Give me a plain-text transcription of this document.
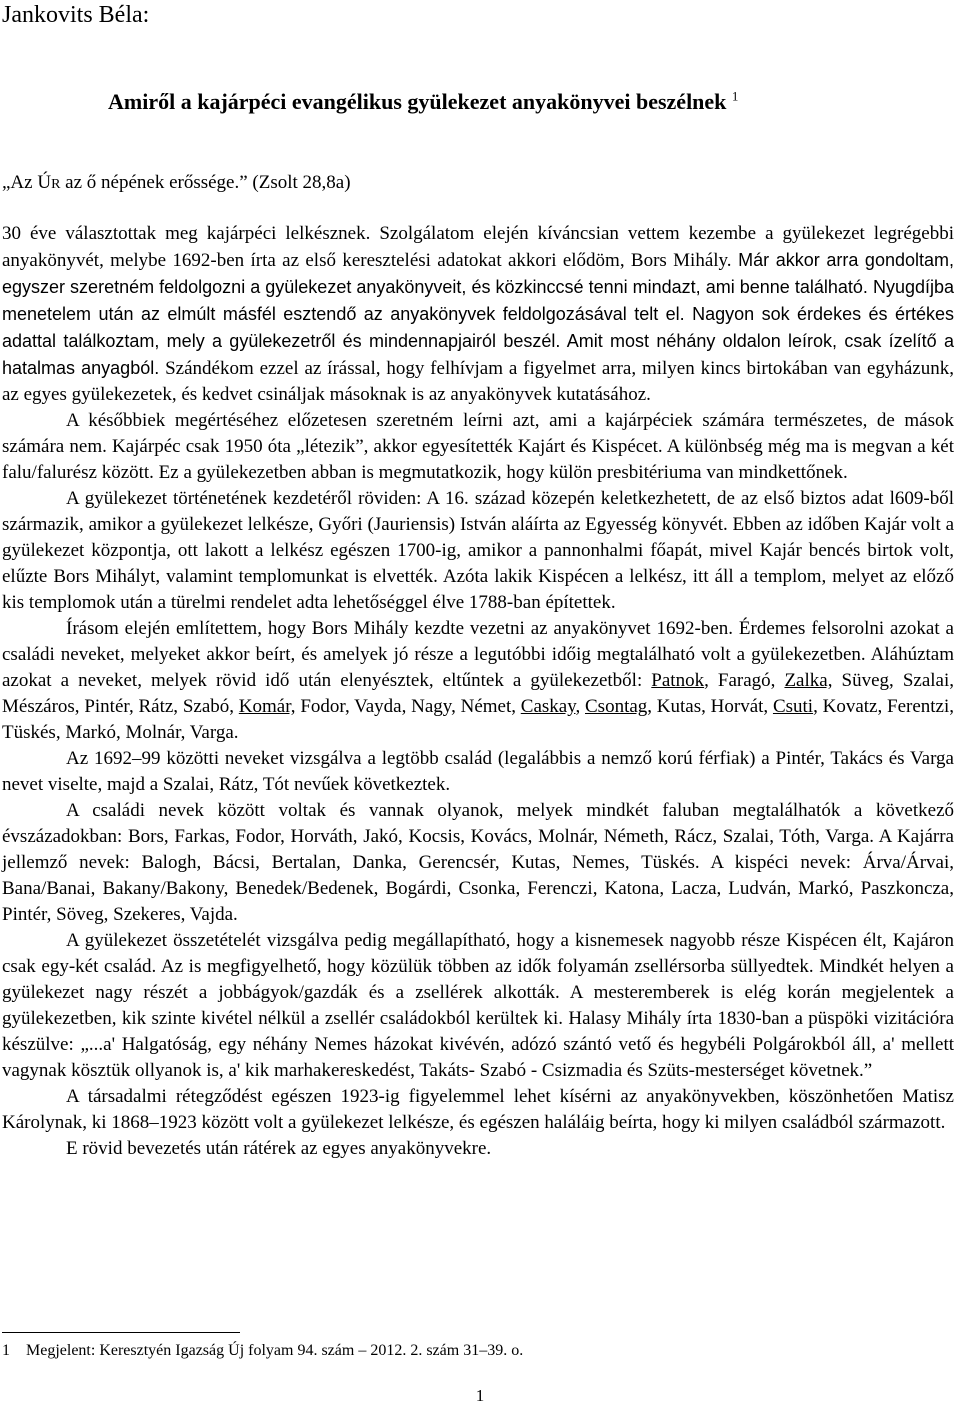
Jankovits Béla:
Amiről a kajárpéci evangélikus gyülekezet anyakönyvei beszélnek $^1$

„Az ÚR az ő népének erőssége.” (Zsolt 28,8a)

30 éve választottak meg kajárpéci lelkésznek. Szolgálatom elején kíváncsian vettem kezembe a gyülekezet legrégebbi anyakönyvét, melybe 1692-ben írta az első keresztelési adatokat akkori elődöm, Bors Mihály. Már akkor arra gondoltam, egyszer szeretném feldolgozni a gyülekezet anyakönyveit, és közkinccsé tenni mindazt, ami benne található. Nyugdíjba menetelem után az elmúlt másfél esztendő az anyakönyvek feldolgozásával telt el. Nagyon sok érdekes és értékes adattal találkoztam, mely a gyülekezetről és mindennapjairól beszél. Amit most néhány oldalon leírok, csak ízelítő a hatalmas anyagból. Szándékom ezzel az írással, hogy felhívjam a figyelmet arra, milyen kincs birtokában van egyházunk, az egyes gyülekezetek, és kedvet csináljak másoknak is az anyakönyvek kutatásához.

A későbbiek megértéséhez előzetesen szeretném leírni azt, ami a kajárpéciek számára természetes, de mások számára nem. Kajárpéc csak 1950 óta „létezik”, akkor egyesítették Kajárt és Kispécet. A különbség még ma is megvan a két falu/falurész között. Ez a gyülekezetben abban is megmutatkozik, hogy külön presbitériuma van mindkettőnek.

A gyülekezet történetének kezdetéről röviden: A 16. század közepén keletkezhetett, de az első biztos adat l609-ből származik, amikor a gyülekezet lelkésze, Győri (Jauriensis) István aláírta az Egyesség könyvét. Ebben az időben Kajár volt a gyülekezet központja, ott lakott a lelkész egészen 1700-ig, amikor a pannonhalmi főapát, mivel Kajár bencés birtok volt, elűzte Bors Mihályt, valamint templomunkat is elvették. Azóta lakik Kispécen a lelkész, itt áll a templom, melyet az előző kis templomok után a türelmi rendelet adta lehetőséggel élve 1788-ban építettek.

Írásom elején említettem, hogy Bors Mihály kezdte vezetni az anyakönyvet 1692-ben. Érdemes felsorolni azokat a családi neveket, melyeket akkor beírt, és amelyek jó része a legutóbbi időig megtalálható volt a gyülekezetben. Aláhúztam azokat a neveket, melyek rövid idő után elenyésztek, eltűntek a gyülekezetből: Patnok, Faragó, Zalka, Süveg, Szalai, Mészáros, Pintér, Rátz, Szabó, Komár, Fodor, Vayda, Nagy, Német, Caskay, Csontag, Kutas, Horvát, Csuti, Kovatz, Ferentzi, Tüskés, Markó, Molnár, Varga.

Az 1692–99 közötti neveket vizsgálva a legtöbb család (legalábbis a nemző korú férfiak) a Pintér, Takács és Varga nevet viselte, majd a Szalai, Rátz, Tót nevűek következtek.

A családi nevek között voltak és vannak olyanok, melyek mindkét faluban megtalálhatók a következő évszázadokban: Bors, Farkas, Fodor, Horváth, Jakó, Kocsis, Kovács, Molnár, Németh, Rácz, Szalai, Tóth, Varga. A Kajárra jellemző nevek: Balogh, Bácsi, Bertalan, Danka, Gerencsér, Kutas, Nemes, Tüskés. A kispéci nevek: Árva/Árvai, Bana/Banai, Bakany/Bakony, Benedek/Bedenek, Bogárdi, Csonka, Ferenczi, Katona, Lacza, Ludván, Markó, Paszkoncza, Pintér, Söveg, Szekeres, Vajda.

A gyülekezet összetételét vizsgálva pedig megállapítható, hogy a kisnemesek nagyobb része Kispécen élt, Kajáron csak egy-két család. Az is megfigyelhető, hogy közülük többen az idők folyamán zsellérsorba süllyedtek. Mindkét helyen a gyülekezet nagy részét a jobbágyok/gazdák és a zsellérek alkották. A mesteremberek is elég korán megjelentek a gyülekezetben, kik szinte kivétel nélkül a zsellér családokból kerültek ki. Halasy Mihály írta 1830-ban a püspöki vizitációra készülve: „...a' Halgatóság, egy néhány Nemes házokat kivévén, adózó szántó vető és hegybéli Polgárokból áll, a' mellett vagynak kösztük ollyanok is, a' kik marhakereskedést, Takáts- Szabó - Csizmadia és Szüts-mesterséget követnek.”

A társadalmi rétegződést egészen 1923-ig figyelemmel lehet kísérni az anyakönyvekben, köszönhetően Matisz Károlynak, ki 1868–1923 között volt a gyülekezet lelkésze, és egészen haláláig beírta, hogy ki milyen családból származott.

E rövid bevezetés után rátérek az egyes anyakönyvekre.

1 Megjelent: Keresztyén Igazság Új folyam 94. szám – 2012. 2. szám 31–39. o.

1
